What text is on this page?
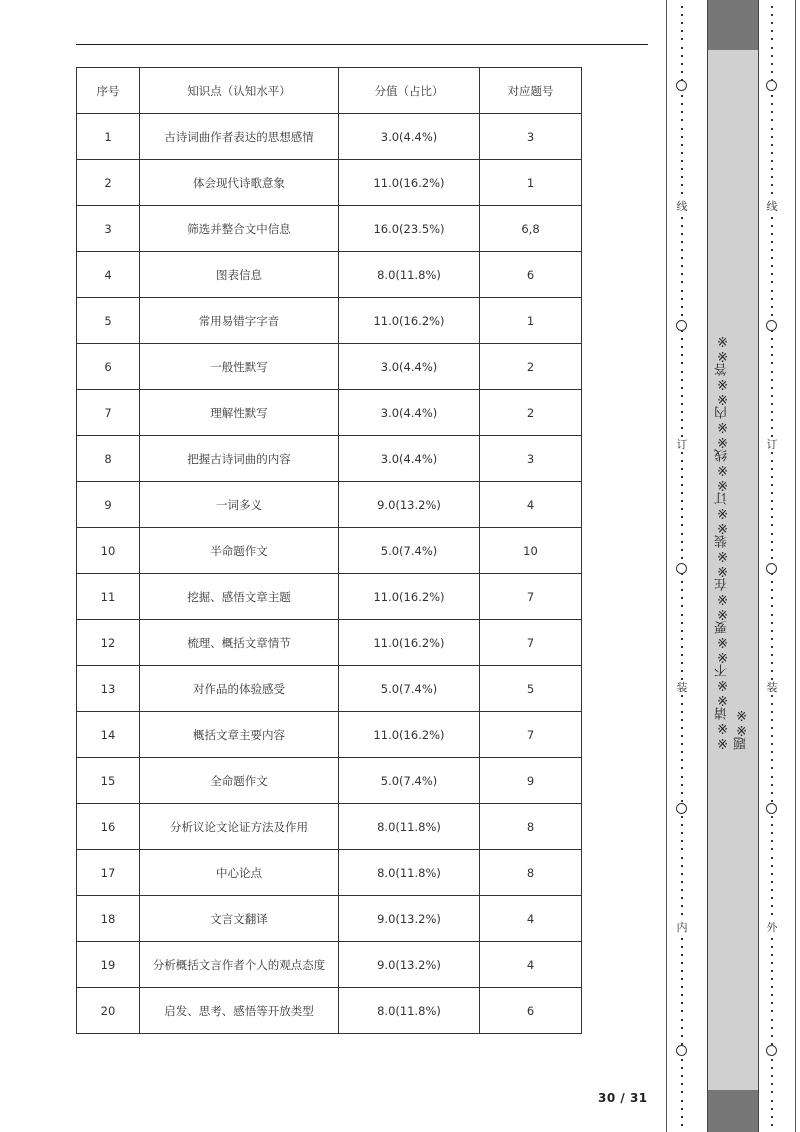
序号	知识点（认知水平）	分值（占比）	对应题号
1	古诗词曲作者表达的思想感情	3.0(4.4%)	3
2	体会现代诗歌意象	11.0(16.2%)	1
3	筛选并整合文中信息	16.0(23.5%)	6,8
4	图表信息	8.0(11.8%)	6
5	常用易错字字音	11.0(16.2%)	1
6	一般性默写	3.0(4.4%)	2
7	理解性默写	3.0(4.4%)	2
8	把握古诗词曲的内容	3.0(4.4%)	3
9	一词多义	9.0(13.2%)	4
10	半命题作文	5.0(7.4%)	10
11	挖掘、感悟文章主题	11.0(16.2%)	7
12	梳理、概括文章情节	11.0(16.2%)	7
13	对作品的体验感受	5.0(7.4%)	5
14	概括文章主要内容	11.0(16.2%)	7
15	全命题作文	5.0(7.4%)	9
16	分析议论文论证方法及作用	8.0(11.8%)	8
17	中心论点	8.0(11.8%)	8
18	文言文翻译	9.0(13.2%)	4
19	分析概括文言作者个人的观点态度	9.0(13.2%)	4
20	启发、思考、感悟等开放类型	8.0(11.8%)	6
30 / 31
线
订
装
内
线
订
装
外
※※请※※不※※要※※在※※装※※订※※线※※内※※答※※题※※
